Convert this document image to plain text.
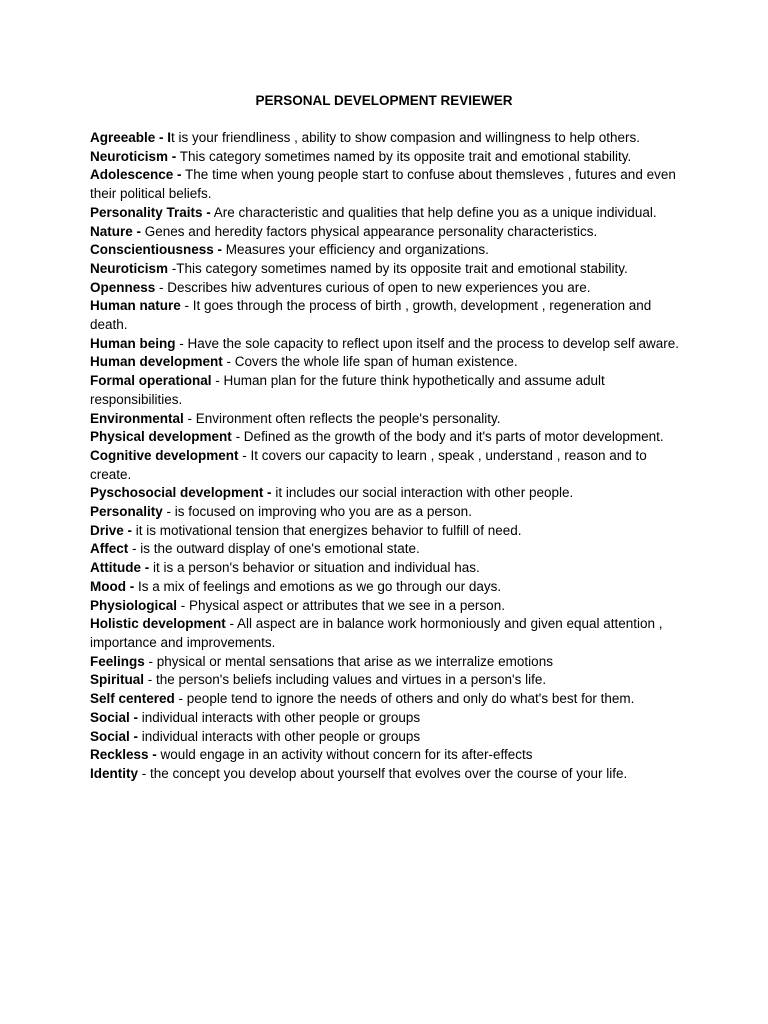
PERSONAL DEVELOPMENT REVIEWER

Agreeable - It is your friendliness , ability to show compasion and willingness to help others.

Neuroticism - This category sometimes named by its opposite trait and emotional stability.

Adolescence - The time when young people start to confuse about themsleves , futures and even their political beliefs.

Personality Traits - Are characteristic and qualities that help define you as a unique individual.

Nature - Genes and heredity factors physical appearance personality characteristics.

Conscientiousness - Measures your efficiency and organizations.

Neuroticism -This category sometimes named by its opposite trait and emotional stability.

Openness - Describes hiw adventures curious of open to new experiences you are.

Human nature - It goes through the process of birth , growth, development , regeneration and death.

Human being - Have the sole capacity to reflect upon itself and the process to develop self aware.

Human development - Covers the whole life span of human existence.

Formal operational - Human plan for the future think hypothetically and assume adult responsibilities.

Environmental - Environment often reflects the people's personality.

Physical development - Defined as the growth of the body and it's parts of motor development.

Cognitive development - It covers our capacity to learn , speak , understand , reason and to create.

Pyschosocial development - it includes our social interaction with other people.

Personality - is focused on improving who you are as a person.

Drive - it is motivational tension that energizes behavior to fulfill of need.

Affect - is the outward display of one's emotional state.

Attitude - it is a person's behavior or situation and individual has.

Mood - Is a mix of feelings and emotions as we go through our days.

Physiological - Physical aspect or attributes that we see in a person.

Holistic development - All aspect are in balance work hormoniously and given equal attention , importance and improvements.

Feelings - physical or mental sensations that arise as we interralize emotions

Spiritual - the person's beliefs including values and virtues in a person's life.

Self centered - people tend to ignore the needs of others and only do what's best for them.

Social - individual interacts with other people or groups

Social - individual interacts with other people or groups

Reckless - would engage in an activity without concern for its after-effects

Identity - the concept you develop about yourself that evolves over the course of your life.
